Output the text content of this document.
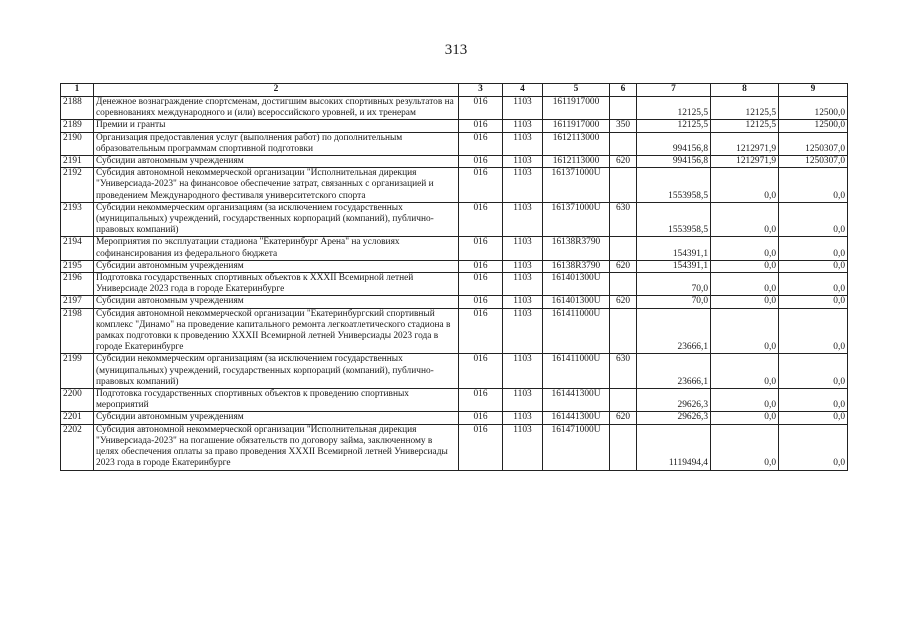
313
1	2	3	4	5	6	7	8	9
2188	Денежное вознаграждение спортсменам, достигшим высоких спортивных результатов на соревнованиях международного и (или) всероссийского уровней, и их тренерам	016	1103	1611917000		12125,5	12125,5	12500,0
2189	Премии и гранты	016	1103	1611917000	350	12125,5	12125,5	12500,0
2190	Организация предоставления услуг (выполнения работ) по дополнительным образовательным программам спортивной подготовки	016	1103	1612113000		994156,8	1212971,9	1250307,0
2191	Субсидии автономным учреждениям	016	1103	1612113000	620	994156,8	1212971,9	1250307,0
2192	Субсидия автономной некоммерческой организации "Исполнительная дирекция "Универсиада-2023" на финансовое обеспечение затрат, связанных с организацией и проведением Международного фестиваля университетского спорта	016	1103	161371000U		1553958,5	0,0	0,0
2193	Субсидии некоммерческим организациям (за исключением государственных (муниципальных) учреждений, государственных корпораций (компаний), публично-правовых компаний)	016	1103	161371000U	630	1553958,5	0,0	0,0
2194	Мероприятия по эксплуатации стадиона "Екатеринбург Арена" на условиях софинансирования из федерального бюджета	016	1103	16138R3790		154391,1	0,0	0,0
2195	Субсидии автономным учреждениям	016	1103	16138R3790	620	154391,1	0,0	0,0
2196	Подготовка государственных спортивных объектов к XXXII Всемирной летней Универсиаде 2023 года в городе Екатеринбурге	016	1103	161401300U		70,0	0,0	0,0
2197	Субсидии автономным учреждениям	016	1103	161401300U	620	70,0	0,0	0,0
2198	Субсидия автономной некоммерческой организации "Екатеринбургский спортивный комплекс "Динамо" на проведение капитального ремонта легкоатлетического стадиона в рамках подготовки к проведению XXXII Всемирной летней Универсиады 2023 года в городе Екатеринбурге	016	1103	161411000U		23666,1	0,0	0,0
2199	Субсидии некоммерческим организациям (за исключением государственных (муниципальных) учреждений, государственных корпораций (компаний), публично-правовых компаний)	016	1103	161411000U	630	23666,1	0,0	0,0
2200	Подготовка государственных спортивных объектов к проведению спортивных мероприятий	016	1103	161441300U		29626,3	0,0	0,0
2201	Субсидии автономным учреждениям	016	1103	161441300U	620	29626,3	0,0	0,0
2202	Субсидия автономной некоммерческой организации "Исполнительная дирекция "Универсиада-2023" на погашение обязательств по договору займа, заключенному в целях обеспечения оплаты за право проведения XXXII Всемирной летней Универсиады 2023 года в городе Екатеринбурге	016	1103	161471000U		1119494,4	0,0	0,0
